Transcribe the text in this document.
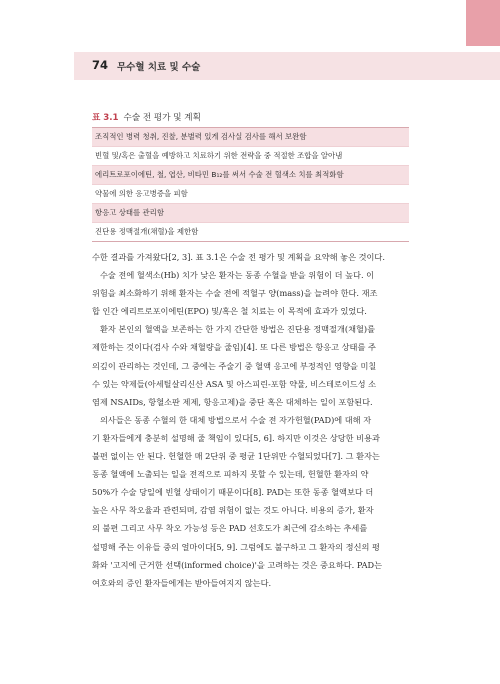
74 무수혈 치료 및 수술
표 3.1 수술 전 평가 및 계획
조직적인 병력 청취, 진찰, 분별력 있게 검사실 검사를 해서 보완함
빈혈 및/혹은 출혈을 예방하고 치료하기 위한 전략을 중 적절한 조합을 알아냄
에리트로포이에틴, 철, 엽산, 비타민 B₁₂를 써서 수술 전 혈색소 치를 최적화함
약물에 의한 응고병증을 피함
항응고 상태를 관리함
진단용 정맥절개(채혈)을 제한함
수한 결과를 가져왔다[2, 3]. 표 3.1은 수술 전 평가 및 계획을 요약해 놓은 것이다.
수술 전에 혈색소(Hb) 치가 낮은 환자는 동종 수혈을 받을 위험이 더 높다. 이
위험을 최소화하기 위해 환자는 수술 전에 적혈구 양(mass)을 늘려야 한다. 재조
합 인간 에리트로포이에틴(EPO) 및/혹은 철 치료는 이 목적에 효과가 있었다.
환자 본인의 혈액을 보존하는 한 가지 간단한 방법은 진단용 정맥절개(채혈)를
제한하는 것이다(검사 수와 채혈량을 줄임)[4]. 또 다른 방법은 항응고 상태를 주
의깊이 관리하는 것인데, 그 중에는 주술기 중 혈액 응고에 부정적인 영향을 미칠
수 있는 약제들(아세틸살리신산 ASA 및 아스피린-포함 약물, 비스테로이드성 소
염제 NSAIDs, 항혈소판 제제, 항응고제)을 중단 혹은 대체하는 일이 포함된다.
의사들은 동종 수혈의 한 대체 방법으로서 수술 전 자가헌혈(PAD)에 대해 자
기 환자들에게 충분히 설명해 줄 책임이 있다[5, 6]. 하지만 이것은 상당한 비용과
불편 없이는 안 된다. 헌혈한 매 2단위 중 평균 1단위만 수혈되었다[7]. 그 환자는
동종 혈액에 노출되는 일을 전적으로 피하지 못할 수 있는데, 헌혈한 환자의 약
50%가 수술 당일에 빈혈 상태이기 때문이다[8]. PAD는 또한 동종 혈액보다 더
높은 사무 착오율과 관련되며, 감염 위험이 없는 것도 아니다. 비용의 증가, 환자
의 불편 그리고 사무 착오 가능성 등은 PAD 선호도가 최근에 감소하는 추세를
설명해 주는 이유들 중의 얼마이다[5, 9]. 그럼에도 불구하고 그 환자의 정신의 평
화와 '고지에 근거한 선택(informed choice)'을 고려하는 것은 중요하다. PAD는
여호와의 증인 환자들에게는 받아들여지지 않는다.
